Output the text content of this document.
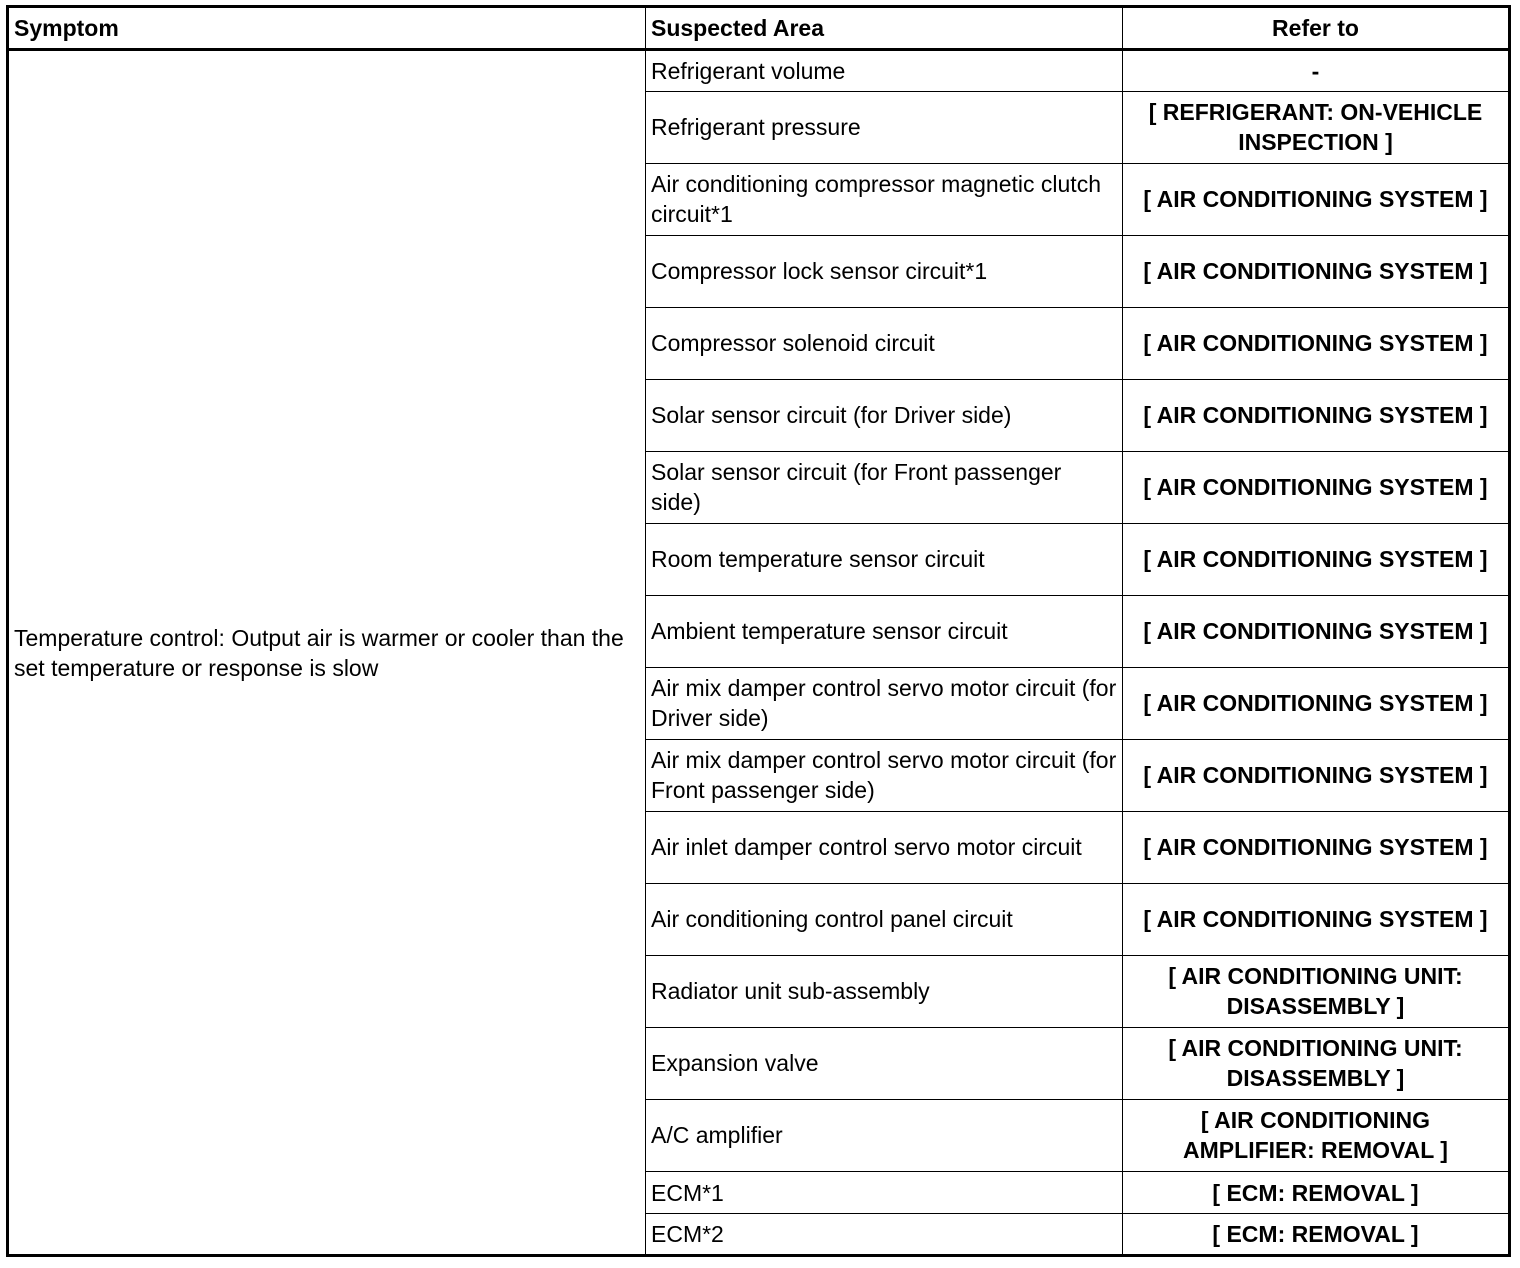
Symptom	Suspected Area	Refer to
Temperature control: Output air is warmer or cooler than the set temperature or response is slow	Refrigerant volume	-
	Refrigerant pressure	[ REFRIGERANT: ON-VEHICLE INSPECTION ]
	Air conditioning compressor magnetic clutch circuit*1	[ AIR CONDITIONING SYSTEM ]
	Compressor lock sensor circuit*1	[ AIR CONDITIONING SYSTEM ]
	Compressor solenoid circuit	[ AIR CONDITIONING SYSTEM ]
	Solar sensor circuit (for Driver side)	[ AIR CONDITIONING SYSTEM ]
	Solar sensor circuit (for Front passenger side)	[ AIR CONDITIONING SYSTEM ]
	Room temperature sensor circuit	[ AIR CONDITIONING SYSTEM ]
	Ambient temperature sensor circuit	[ AIR CONDITIONING SYSTEM ]
	Air mix damper control servo motor circuit (for Driver side)	[ AIR CONDITIONING SYSTEM ]
	Air mix damper control servo motor circuit (for Front passenger side)	[ AIR CONDITIONING SYSTEM ]
	Air inlet damper control servo motor circuit	[ AIR CONDITIONING SYSTEM ]
	Air conditioning control panel circuit	[ AIR CONDITIONING SYSTEM ]
	Radiator unit sub-assembly	[ AIR CONDITIONING UNIT: DISASSEMBLY ]
	Expansion valve	[ AIR CONDITIONING UNIT: DISASSEMBLY ]
	A/C amplifier	[ AIR CONDITIONING AMPLIFIER: REMOVAL ]
	ECM*1	[ ECM: REMOVAL ]
	ECM*2	[ ECM: REMOVAL ]
